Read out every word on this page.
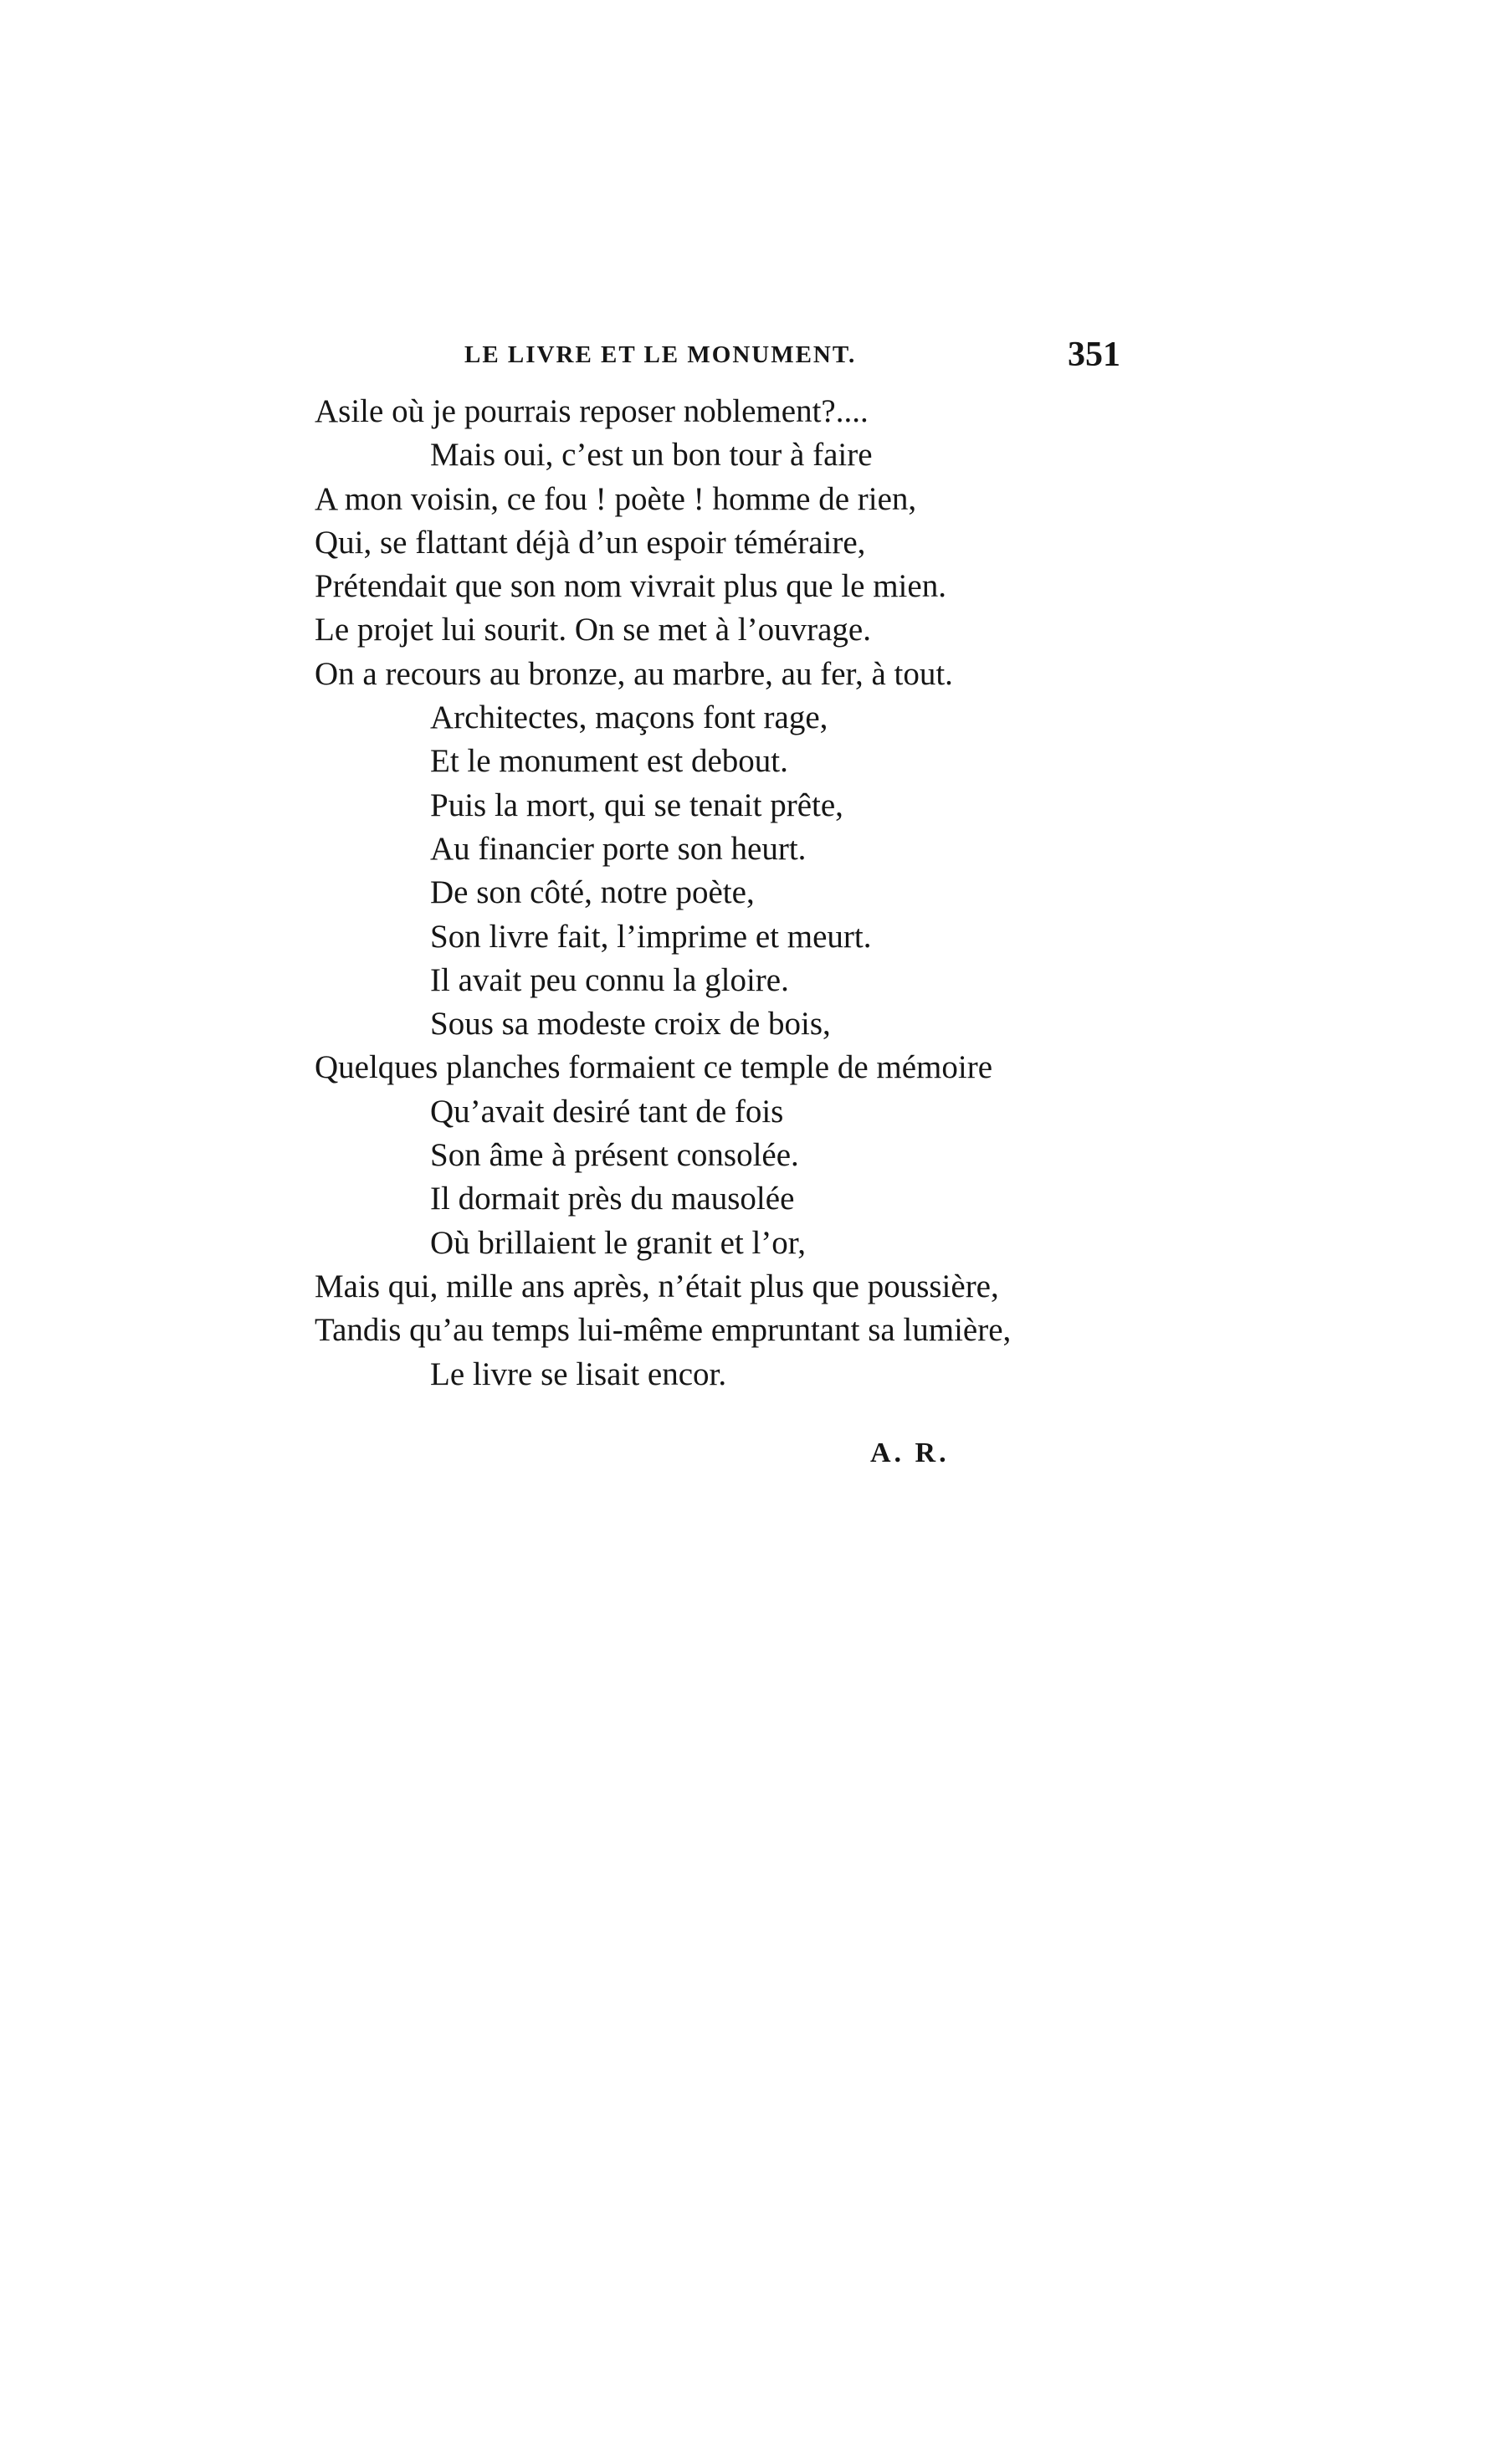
LE LIVRE ET LE MONUMENT.	351
Asile où je pourrais reposer noblement?....
Mais oui, c’est un bon tour à faire
A mon voisin, ce fou ! poète ! homme de rien,
Qui, se flattant déjà d’un espoir téméraire,
Prétendait que son nom vivrait plus que le mien.
Le projet lui sourit. On se met à l’ouvrage.
On a recours au bronze, au marbre, au fer, à tout.
Architectes, maçons font rage,
Et le monument est debout.
Puis la mort, qui se tenait prête,
Au financier porte son heurt.
De son côté, notre poète,
Son livre fait, l’imprime et meurt.
Il avait peu connu la gloire.
Sous sa modeste croix de bois,
Quelques planches formaient ce temple de mémoire
Qu’avait desiré tant de fois
Son âme à présent consolée.
Il dormait près du mausolée
Où brillaient le granit et l’or,
Mais qui, mille ans après, n’était plus que poussière,
Tandis qu’au temps lui-même empruntant sa lumière,
Le livre se lisait encor.
A. R.
